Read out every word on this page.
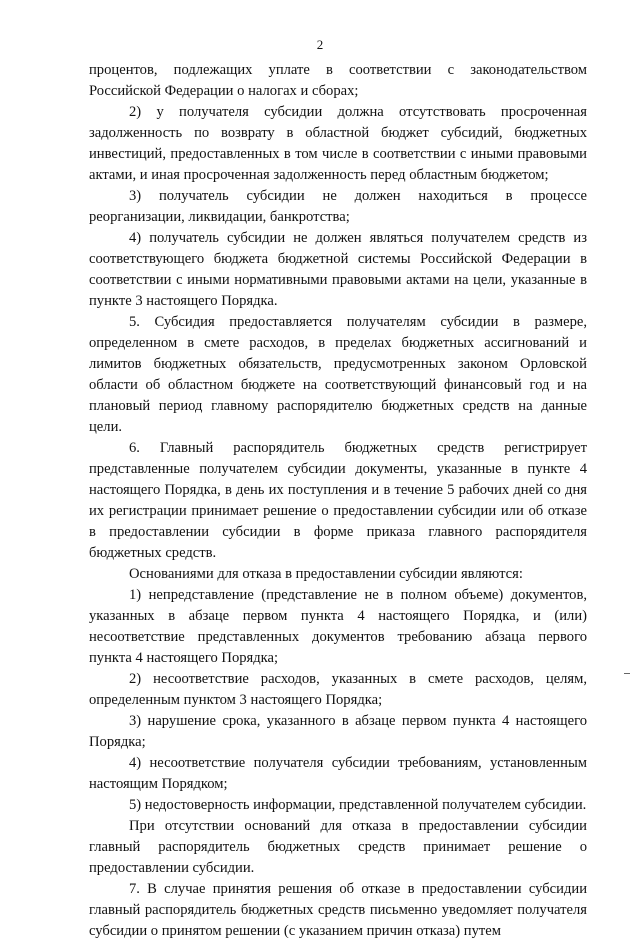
2

процентов, подлежащих уплате в соответствии с законодательством Российской Федерации о налогах и сборах;

2) у получателя субсидии должна отсутствовать просроченная задолженность по возврату в областной бюджет субсидий, бюджетных инвестиций, предоставленных в том числе в соответствии с иными правовыми актами, и иная просроченная задолженность перед областным бюджетом;

3) получатель субсидии не должен находиться в процессе реорганизации, ликвидации, банкротства;

4) получатель субсидии не должен являться получателем средств из соответствующего бюджета бюджетной системы Российской Федерации в соответствии с иными нормативными правовыми актами на цели, указанные в пункте 3 настоящего Порядка.

5. Субсидия предоставляется получателям субсидии в размере, определенном в смете расходов, в пределах бюджетных ассигнований и лимитов бюджетных обязательств, предусмотренных законом Орловской области об областном бюджете на соответствующий финансовый год и на плановый период главному распорядителю бюджетных средств на данные цели.

6. Главный распорядитель бюджетных средств регистрирует представленные получателем субсидии документы, указанные в пункте 4 настоящего Порядка, в день их поступления и в течение 5 рабочих дней со дня их регистрации принимает решение о предоставлении субсидии или об отказе в предоставлении субсидии в форме приказа главного распорядителя бюджетных средств.

Основаниями для отказа в предоставлении субсидии являются:

1) непредставление (представление не в полном объеме) документов, указанных в абзаце первом пункта 4 настоящего Порядка, и (или) несоответствие представленных документов требованию абзаца первого пункта 4 настоящего Порядка;

2) несоответствие расходов, указанных в смете расходов, целям, определенным пунктом 3 настоящего Порядка;

3) нарушение срока, указанного в абзаце первом пункта 4 настоящего Порядка;

4) несоответствие получателя субсидии требованиям, установленным настоящим Порядком;

5) недостоверность информации, представленной получателем субсидии.

При отсутствии оснований для отказа в предоставлении субсидии главный распорядитель бюджетных средств принимает решение о предоставлении субсидии.

7. В случае принятия решения об отказе в предоставлении субсидии главный распорядитель бюджетных средств письменно уведомляет получателя субсидии о принятом решении (с указанием причин отказа) путем
